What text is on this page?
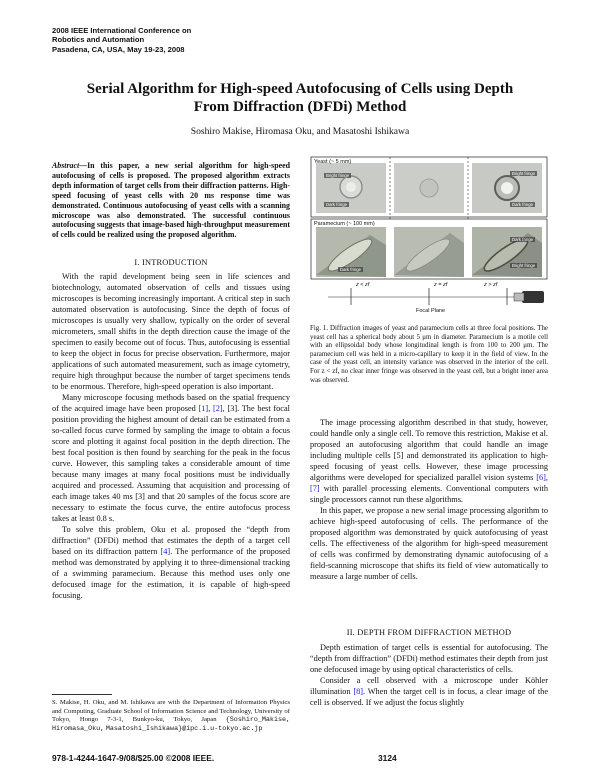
2008 IEEE International Conference on
Robotics and Automation
Pasadena, CA, USA, May 19-23, 2008
Serial Algorithm for High-speed Autofocusing of Cells using Depth
From Diffraction (DFDi) Method
Soshiro Makise, Hiromasa Oku, and Masatoshi Ishikawa
Abstract—In this paper, a new serial algorithm for high-speed autofocusing of cells is proposed. The proposed algorithm extracts depth information of target cells from their diffraction patterns. High-speed focusing of yeast cells with 20 ms response time was demonstrated. Continuous autofocusing of yeast cells with a scanning microscope was also demonstrated. The successful continuous autofocusing suggests that image-based high-throughput measurement of cells could be realized using the proposed algorithm.
I. INTRODUCTION

With the rapid development being seen in life sciences and biotechnology, automated observation of cells and tissues using microscopes is becoming increasingly important. A critical step in such automated observation is autofocusing. Since the depth of focus of microscopes is usually very shallow, typically on the order of several micrometers, small shifts in the depth direction cause the image of the specimen to easily become out of focus. Thus, autofocusing is essential to keep the object in focus for precise observation. Furthermore, major applications of such automated measurement, such as image cytometry, require high throughput because the number of target specimens tends to be enormous. Therefore, high-speed operation is also important.

Many microscope focusing methods based on the spatial frequency of the acquired image have been proposed [1], [2], [3]. The best focal position providing the highest amount of detail can be estimated from a so-called focus curve formed by sampling the image to obtain a focus score and plotting it against focal position in the depth direction. The best focal position is then found by searching for the peak in the focus curve. However, this sampling takes a considerable amount of time because many images at many focal positions must be individually acquired and processed. Assuming that acquisition and processing of each image takes 40 ms [3] and that 20 samples of the focus score are necessary to estimate the focus curve, the entire autofocus process takes at least 0.8 s.

To solve this problem, Oku et al. proposed the “depth from diffraction” (DFDi) method that estimates the depth of a target cell based on its diffraction pattern [4]. The performance of the proposed method was demonstrated by applying it to three-dimensional tracking of a swimming paramecium. Because this method uses only one defocused image for the estimation, it is capable of high-speed focusing.

S. Makise, H. Oku, and M. Ishikawa are with the Department of Information Physics and Computing, Graduate School of Information Science and Technology, University of Tokyo, Hongo 7-3-1, Bunkyo-ku, Tokyo, Japan {Soshiro_Makise, Hiromasa_Oku, Masatoshi_Ishikawa}@ipc.i.u-tokyo.ac.jp
Yeast (~ 5 mm)
Paramecium (~ 100 mm)
Bright fringe
Dark fringe
Bright fringe
Dark fringe
Dark fringe
Dark fringe
Bright fringe
z < zf	z = zf	z > zf
Focal Plane
Fig. 1. Diffraction images of yeast and paramecium cells at three focal positions. The yeast cell has a spherical body about 5 μm in diameter. Paramecium is a motile cell with an ellipsoidal body whose longitudinal length is from 100 to 200 μm. The paramecium cell was held in a micro-capillary to keep it in the field of view. In the case of the yeast cell, an intensity variance was observed in the interior of the cell. For z < zf, no clear inner fringe was observed in the yeast cell, but a bright inner area was observed.

The image processing algorithm described in that study, however, could handle only a single cell. To remove this restriction, Makise et al. proposed an autofocusing algorithm that could handle an image including multiple cells [5] and demonstrated its application to high-speed focusing of yeast cells. However, these image processing algorithms were developed for specialized parallel vision systems [6], [7] with parallel processing elements. Conventional computers with single processors cannot run these algorithms.

In this paper, we propose a new serial image processing algorithm to achieve high-speed autofocusing of cells. The performance of the proposed algorithm was demonstrated by quick autofocusing of yeast cells. The effectiveness of the algorithm for high-speed measurement of cells was confirmed by demonstrating dynamic autofocusing of a field-scanning microscope that shifts its field of view automatically to measure a large number of cells.

II. DEPTH FROM DIFFRACTION METHOD

Depth estimation of target cells is essential for autofocusing. The “depth from diffraction” (DFDi) method estimates their depth from just one defocused image by using optical characteristics of cells.

Consider a cell observed with a microscope under Köhler illumination [8]. When the target cell is in focus, a clear image of the cell is observed. If we adjust the focus slightly

978-1-4244-1647-9/08/$25.00 ©2008 IEEE.	3124
